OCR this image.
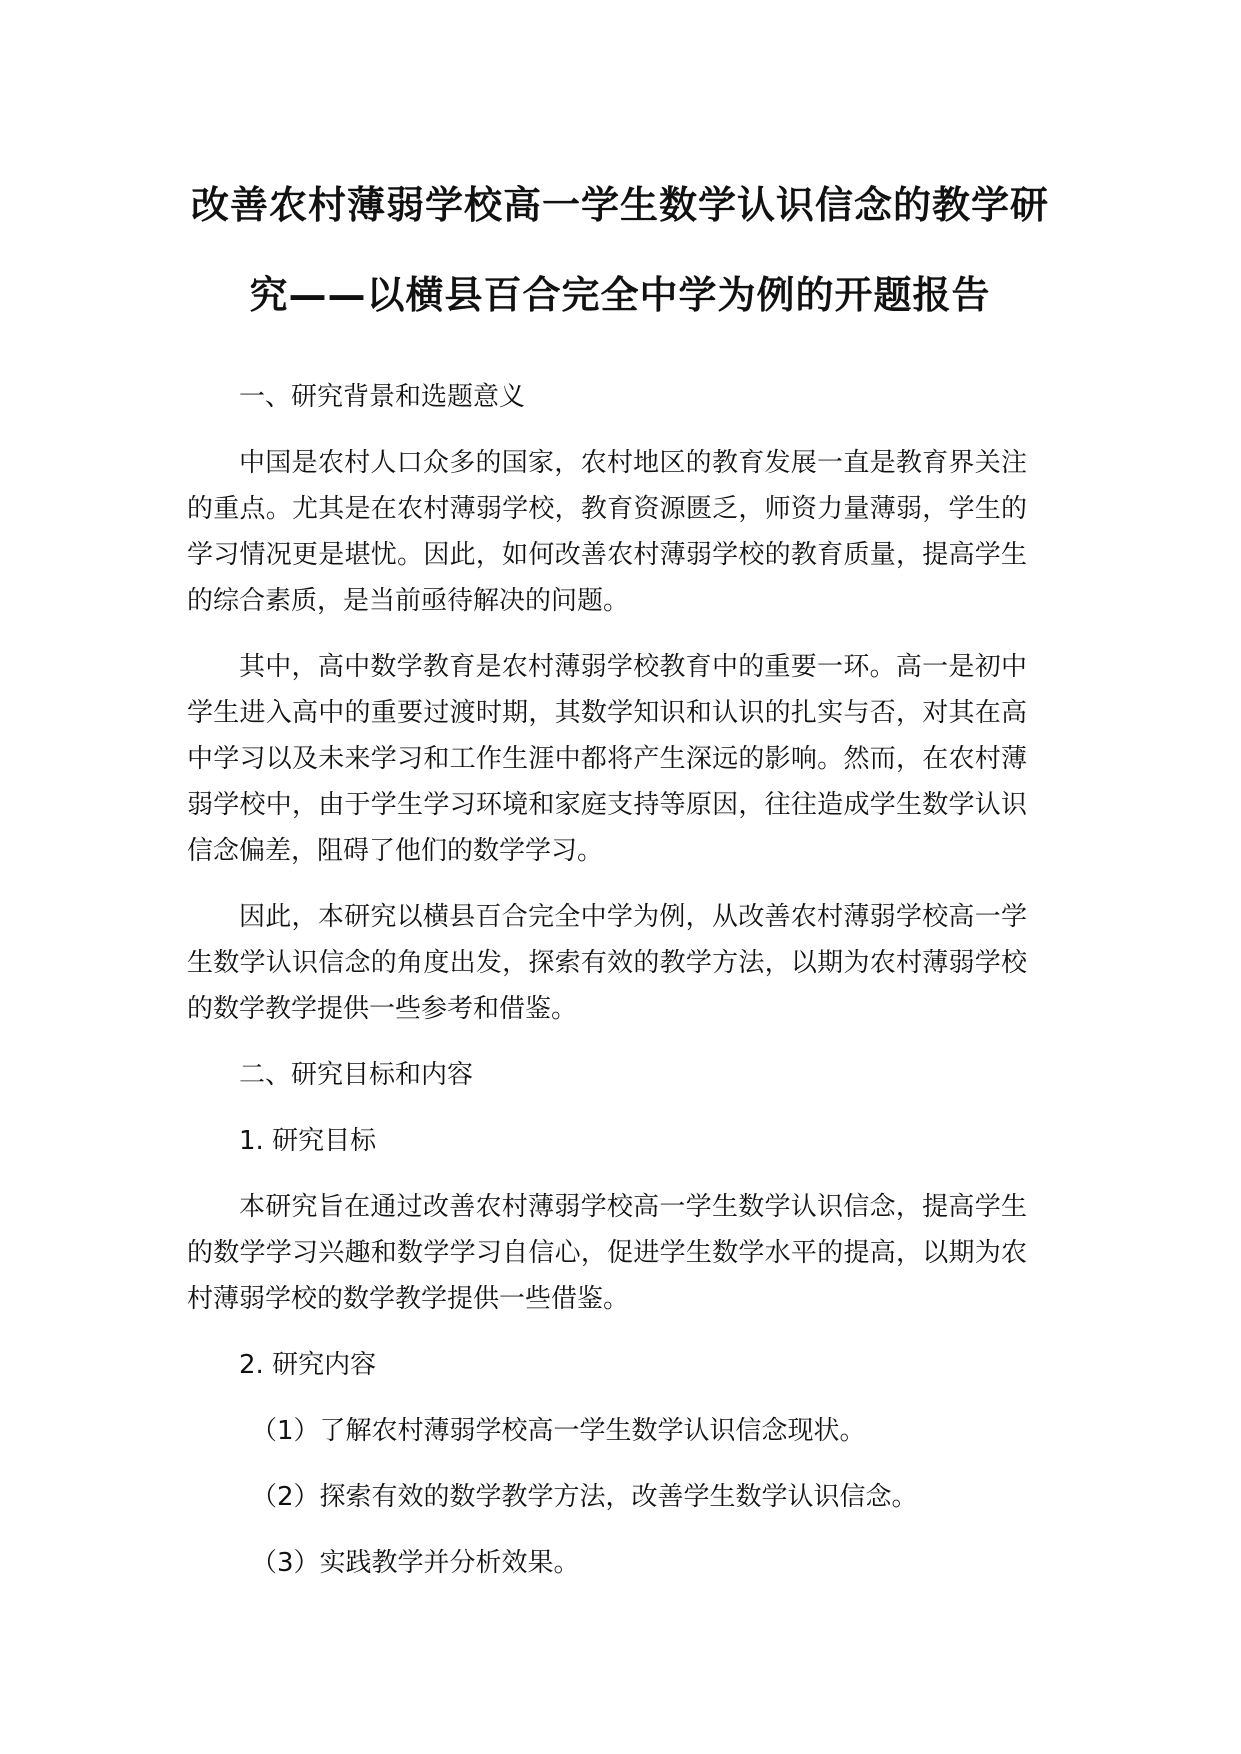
改善农村薄弱学校高一学生数学认识信念的教学研
究——以横县百合完全中学为例的开题报告

一、研究背景和选题意义

中国是农村人口众多的国家，农村地区的教育发展一直是教育界关注的重点。尤其是在农村薄弱学校，教育资源匮乏，师资力量薄弱，学生的学习情况更是堪忧。因此，如何改善农村薄弱学校的教育质量，提高学生的综合素质，是当前亟待解决的问题。

其中，高中数学教育是农村薄弱学校教育中的重要一环。高一是初中学生进入高中的重要过渡时期，其数学知识和认识的扎实与否，对其在高中学习以及未来学习和工作生涯中都将产生深远的影响。然而，在农村薄弱学校中，由于学生学习环境和家庭支持等原因，往往造成学生数学认识信念偏差，阻碍了他们的数学学习。

因此，本研究以横县百合完全中学为例，从改善农村薄弱学校高一学生数学认识信念的角度出发，探索有效的教学方法，以期为农村薄弱学校的数学教学提供一些参考和借鉴。

二、研究目标和内容

1. 研究目标

本研究旨在通过改善农村薄弱学校高一学生数学认识信念，提高学生的数学学习兴趣和数学学习自信心，促进学生数学水平的提高，以期为农村薄弱学校的数学教学提供一些借鉴。

2. 研究内容

（1）了解农村薄弱学校高一学生数学认识信念现状。

（2）探索有效的数学教学方法，改善学生数学认识信念。

（3）实践教学并分析效果。
